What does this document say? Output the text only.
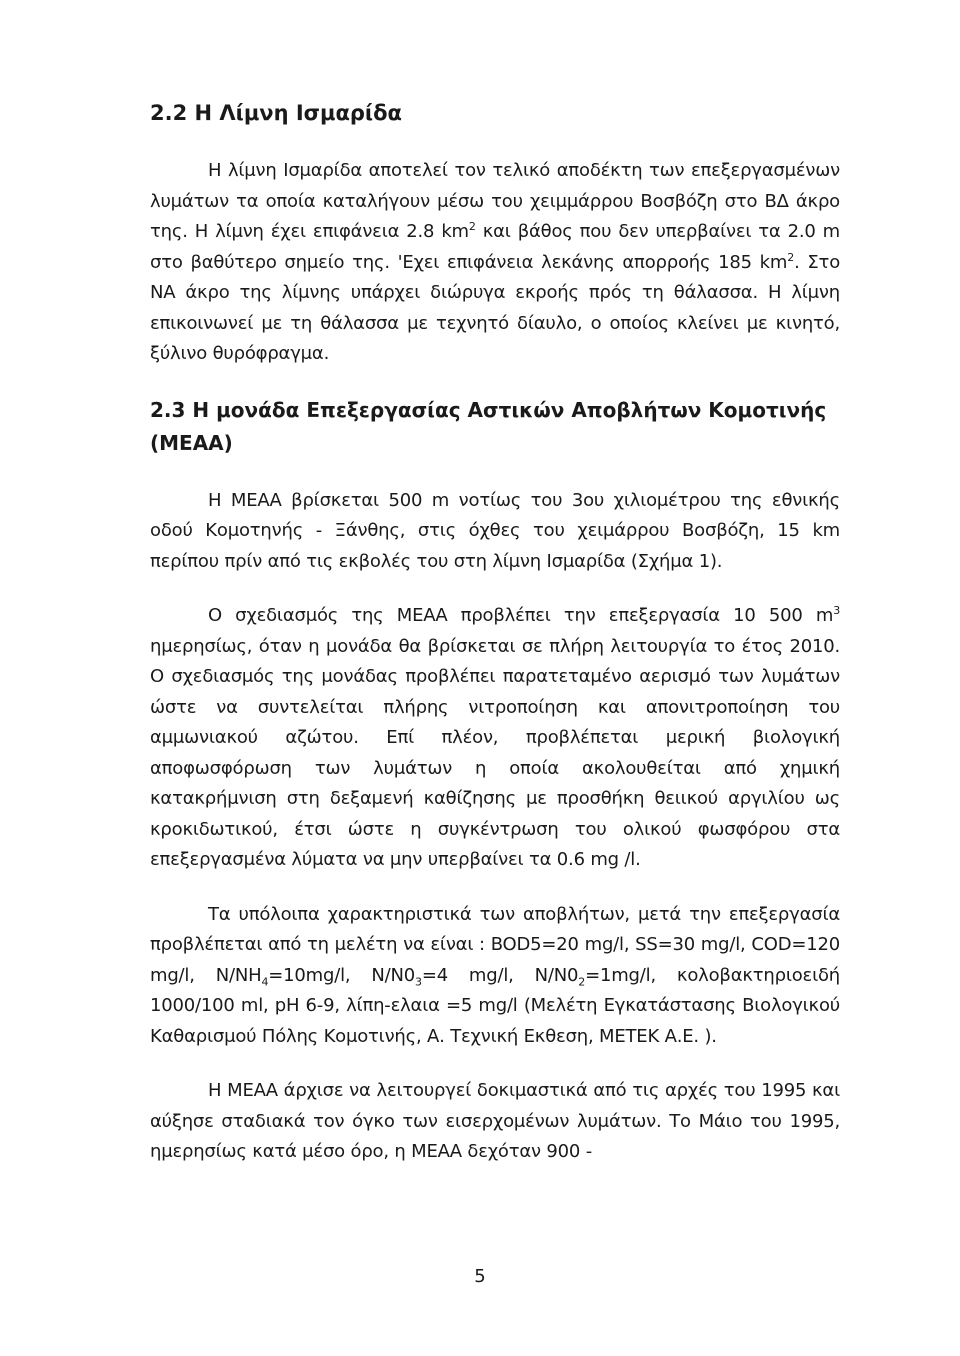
2.2 Η Λίμνη Ισμαρίδα

Η λίμνη Ισμαρίδα αποτελεί τον τελικό αποδέκτη των επεξεργασμένων λυμάτων τα οποία καταλήγουν μέσω του χειμμάρρου Βοσβόζη στο ΒΔ άκρο της. Η λίμνη έχει επιφάνεια 2.8 $km^2$ και βάθος που δεν υπερβαίνει τα 2.0 m στο βαθύτερο σημείο της. 'Εχει επιφάνεια λεκάνης απορροής 185 $km^2$. Στο ΝΑ άκρο της λίμνης υπάρχει διώρυγα εκροής πρός τη θάλασσα. Η λίμνη επικοινωνεί με τη θάλασσα με τεχνητό δίαυλο, ο οποίος κλείνει με κινητό, ξύλινο θυρόφραγμα.

2.3 Η μονάδα Επεξεργασίας Αστικών Αποβλήτων Κομοτινής (ΜΕΑΑ)

Η ΜΕΑΑ βρίσκεται 500 m νοτίως του 3ου χιλιομέτρου της εθνικής οδού Κομοτηνής - Ξάνθης, στις όχθες του χειμάρρου Βοσβόζη, 15 km περίπου πρίν από τις εκβολές του στη λίμνη Ισμαρίδα (Σχήμα 1).

Ο σχεδιασμός της ΜΕΑΑ προβλέπει την επεξεργασία 10 500 $m^3$ ημερησίως, όταν η μονάδα θα βρίσκεται σε πλήρη λειτουργία το έτος 2010. Ο σχεδιασμός της μονάδας προβλέπει παρατεταμένο αερισμό των λυμάτων ώστε να συντελείται πλήρης νιτροποίηση και απονιτροποίηση του αμμωνιακού αζώτου. Επί πλέον, προβλέπεται μερική βιολογική αποφωσφόρωση των λυμάτων η οποία ακολουθείται από χημική κατακρήμνιση στη δεξαμενή καθίζησης με προσθήκη θειικού αργιλίου ως κροκιδωτικού, έτσι ώστε η συγκέντρωση του ολικού φωσφόρου στα επεξεργασμένα λύματα να μην υπερβαίνει τα 0.6 mg /l.

Τα υπόλοιπα χαρακτηριστικά των αποβλήτων, μετά την επεξεργασία προβλέπεται από τη μελέτη να είναι : BOD5=20 mg/l, SS=30 mg/l, COD=120 mg/l, $N/NH_4=10mg/l$, $N/N0_3=4$ mg/l, $N/N0_2=1mg/l$, κολοβακτηριοειδή 1000/100 ml, pH 6-9, λίπη-ελαια =5 mg/l (Μελέτη Εγκατάστασης Βιολογικού Καθαρισμού Πόλης Κομοτινής, Α. Τεχνική Εκθεση, ΜΕΤΕΚ Α.Ε. ).

Η ΜΕΑΑ άρχισε να λειτουργεί δοκιμαστικά από τις αρχές του 1995 και αύξησε σταδιακά τον όγκο των εισερχομένων λυμάτων. Το Μάιο του 1995, ημερησίως κατά μέσο όρο, η ΜΕΑΑ δεχόταν 900 -

5
